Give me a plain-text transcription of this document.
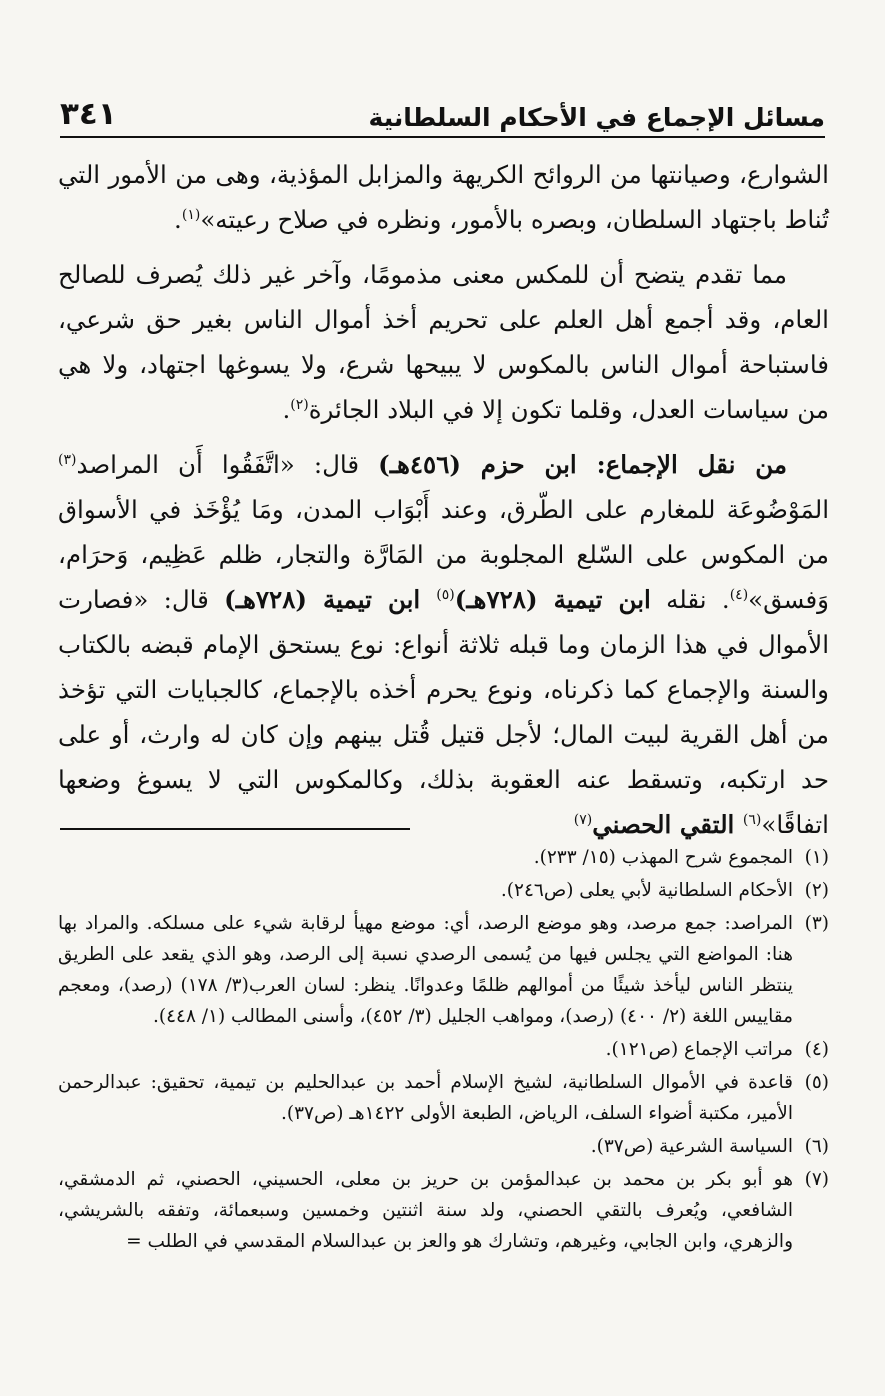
مسائل الإجماع في الأحكام السلطانية
٣٤١

الشوارع، وصيانتها من الروائح الكريهة والمزابل المؤذية، وهى من الأمور التي تُناط باجتهاد السلطان، وبصره بالأمور، ونظره في صلاح رعيته»$^{(١)}$.

مما تقدم يتضح أن للمكس معنى مذمومًا، وآخر غير ذلك يُصرف للصالح العام، وقد أجمع أهل العلم على تحريم أخذ أموال الناس بغير حق شرعي، فاستباحة أموال الناس بالمكوس لا يبيحها شرع، ولا يسوغها اجتهاد، ولا هي من سياسات العدل، وقلما تكون إلا في البلاد الجائرة$^{(٢)}$.

من نقل الإجماع: ابن حزم (٤٥٦هـ) قال: «اتَّفَقُوا أَن المراصد$^{(٣)}$ المَوْضُوعَة للمغارم على الطّرق، وعند أَبْوَاب المدن، ومَا يُؤْخَذ في الأسواق من المكوس على السّلع المجلوبة من المَارَّة والتجار، ظلم عَظِيم، وَحرَام، وَفسق»$^{(٤)}$. نقله ابن تيمية (٧٢٨هـ)$^{(٥)}$ ابن تيمية (٧٢٨هـ) قال: «فصارت الأموال في هذا الزمان وما قبله ثلاثة أنواع: نوع يستحق الإمام قبضه بالكتاب والسنة والإجماع كما ذكرناه، ونوع يحرم أخذه بالإجماع، كالجبايات التي تؤخذ من أهل القرية لبيت المال؛ لأجل قتيل قُتل بينهم وإن كان له وارث، أو على حد ارتكبه، وتسقط عنه العقوبة بذلك، وكالمكوس التي لا يسوغ وضعها اتفاقًا»$^{(٦)}$ التقي الحصني$^{(٧)}$

(١)
المجموع شرح المهذب (١٥/ ٢٣٣).
(٢)
الأحكام السلطانية لأبي يعلى (ص٢٤٦).
(٣)
المراصد: جمع مرصد، وهو موضع الرصد، أي: موضع مهيأ لرقابة شيء على مسلكه. والمراد بها هنا: المواضع التي يجلس فيها من يُسمى الرصدي نسبة إلى الرصد، وهو الذي يقعد على الطريق ينتظر الناس ليأخذ شيئًا من أموالهم ظلمًا وعدوانًا. ينظر: لسان العرب(٣/ ١٧٨) (رصد)، ومعجم مقاييس اللغة (٢/ ٤٠٠) (رصد)، ومواهب الجليل (٣/ ٤٥٢)، وأسنى المطالب (١/ ٤٤٨).
(٤)
مراتب الإجماع (ص١٢١).
(٥)
قاعدة في الأموال السلطانية، لشيخ الإسلام أحمد بن عبدالحليم بن تيمية، تحقيق: عبدالرحمن الأمير، مكتبة أضواء السلف، الرياض، الطبعة الأولى ١٤٢٢هـ (ص٣٧).
(٦)
السياسة الشرعية (ص٣٧).
(٧)
هو أبو بكر بن محمد بن عبدالمؤمن بن حريز بن معلى، الحسيني، الحصني، ثم الدمشقي، الشافعي، ويُعرف بالتقي الحصني، ولد سنة اثنتين وخمسين وسبعمائة، وتفقه بالشريشي، والزهري، وابن الجابي، وغيرهم، وتشارك هو والعز بن عبدالسلام المقدسي في الطلب =
